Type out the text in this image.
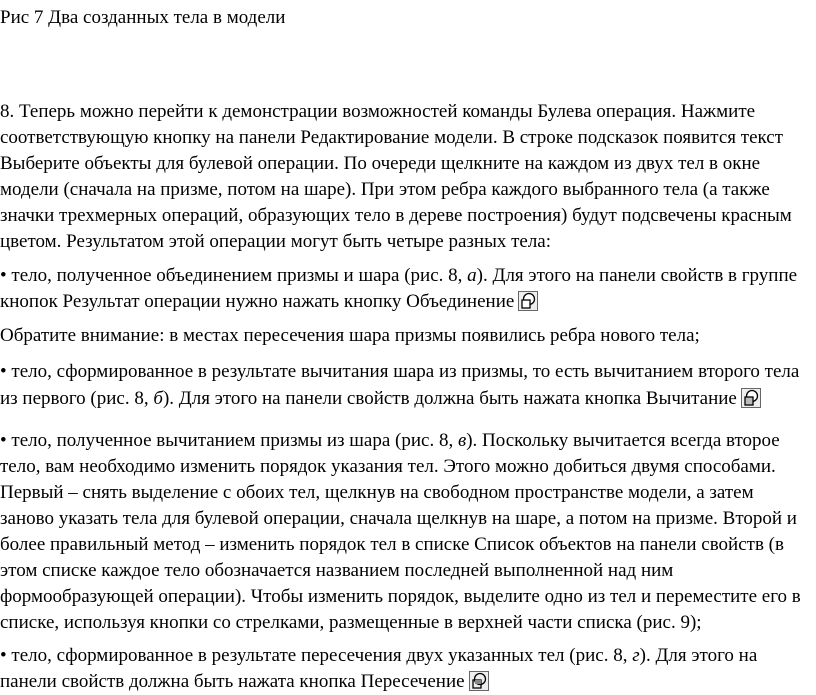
Рис 7 Два созданных тела в модели
8. Теперь можно перейти к демонстрации возможностей команды Булева операция. Нажмите
соответствующую кнопку на панели Редактирование модели. В строке подсказок появится текст
Выберите объекты для булевой операции. По очереди щелкните на каждом из двух тел в окне
модели (сначала на призме, потом на шаре). При этом ребра каждого выбранного тела (а также
значки трехмерных операций, образующих тело в дереве построения) будут подсвечены красным
цветом. Результатом этой операции могут быть четыре разных тела:
• тело, полученное объединением призмы и шара (рис. 8, а). Для этого на панели свойств в группе
кнопок Результат операции нужно нажать кнопку Объединение
Обратите внимание: в местах пересечения шара призмы появились ребра нового тела;
• тело, сформированное в результате вычитания шара из призмы, то есть вычитанием второго тела
из первого (рис. 8, б). Для этого на панели свойств должна быть нажата кнопка Вычитание
• тело, полученное вычитанием призмы из шара (рис. 8, в). Поскольку вычитается всегда второе
тело, вам необходимо изменить порядок указания тел. Этого можно добиться двумя способами.
Первый – снять выделение с обоих тел, щелкнув на свободном пространстве модели, а затем
заново указать тела для булевой операции, сначала щелкнув на шаре, а потом на призме. Второй и
более правильный метод – изменить порядок тел в списке Список объектов на панели свойств (в
этом списке каждое тело обозначается названием последней выполненной над ним
формообразующей операции). Чтобы изменить порядок, выделите одно из тел и переместите его в
списке, используя кнопки со стрелками, размещенные в верхней части списка (рис. 9);
• тело, сформированное в результате пересечения двух указанных тел (рис. 8, г). Для этого на
панели свойств должна быть нажата кнопка Пересечение
